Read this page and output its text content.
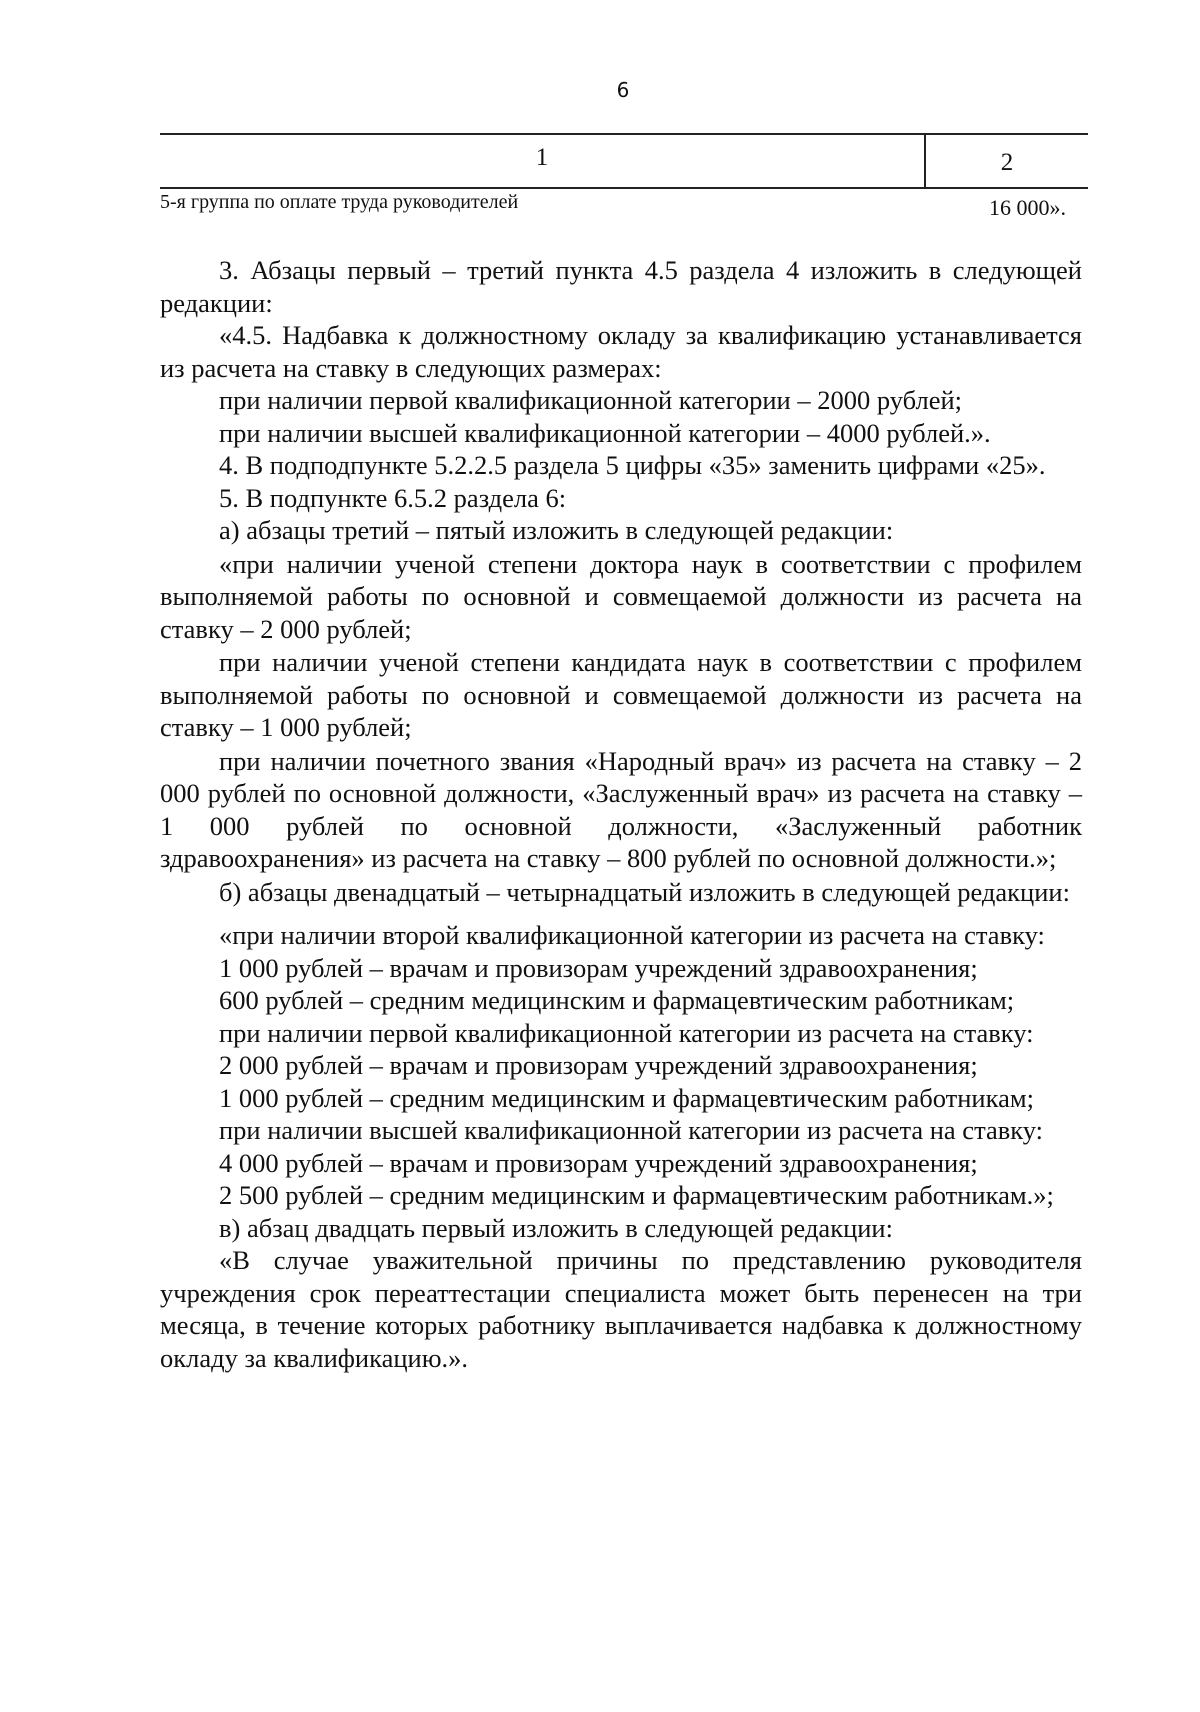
6
1	2
5-я группа по оплате труда руководителей	16 000».

3. Абзацы первый – третий пункта 4.5 раздела 4 изложить в следующей редакции:

«4.5. Надбавка к должностному окладу за квалификацию устанавливается из расчета на ставку в следующих размерах:

при наличии первой квалификационной категории – 2000 рублей;

при наличии высшей квалификационной категории – 4000 рублей.».

4. В подподпункте 5.2.2.5 раздела 5 цифры «35» заменить цифрами «25».

5. В подпункте 6.5.2 раздела 6:

а) абзацы третий – пятый изложить в следующей редакции:

«при наличии ученой степени доктора наук в соответствии с профилем выполняемой работы по основной и совмещаемой должности из расчета на ставку – 2 000 рублей;

при наличии ученой степени кандидата наук в соответствии с профилем выполняемой работы по основной и совмещаемой должности из расчета на ставку – 1 000 рублей;

при наличии почетного звания «Народный врач» из расчета на ставку – 2 000 рублей по основной должности, «Заслуженный врач» из расчета на ставку – 1 000 рублей по основной должности, «Заслуженный работник здравоохранения» из расчета на ставку – 800 рублей по основной должности.»;

б) абзацы двенадцатый – четырнадцатый изложить в следующей редакции:

«при наличии второй квалификационной категории из расчета на ставку:

1 000 рублей – врачам и провизорам учреждений здравоохранения;

600 рублей – средним медицинским и фармацевтическим работникам;

при наличии первой квалификационной категории из расчета на ставку:

2 000 рублей – врачам и провизорам учреждений здравоохранения;

1 000 рублей – средним медицинским и фармацевтическим работникам;

при наличии высшей квалификационной категории из расчета на ставку:

4 000 рублей – врачам и провизорам учреждений здравоохранения;

2 500 рублей – средним медицинским и фармацевтическим работникам.»;

в) абзац двадцать первый изложить в следующей редакции:

«В случае уважительной причины по представлению руководителя учреждения срок переаттестации специалиста может быть перенесен на три месяца, в течение которых работнику выплачивается надбавка к должностному окладу за квалификацию.».
